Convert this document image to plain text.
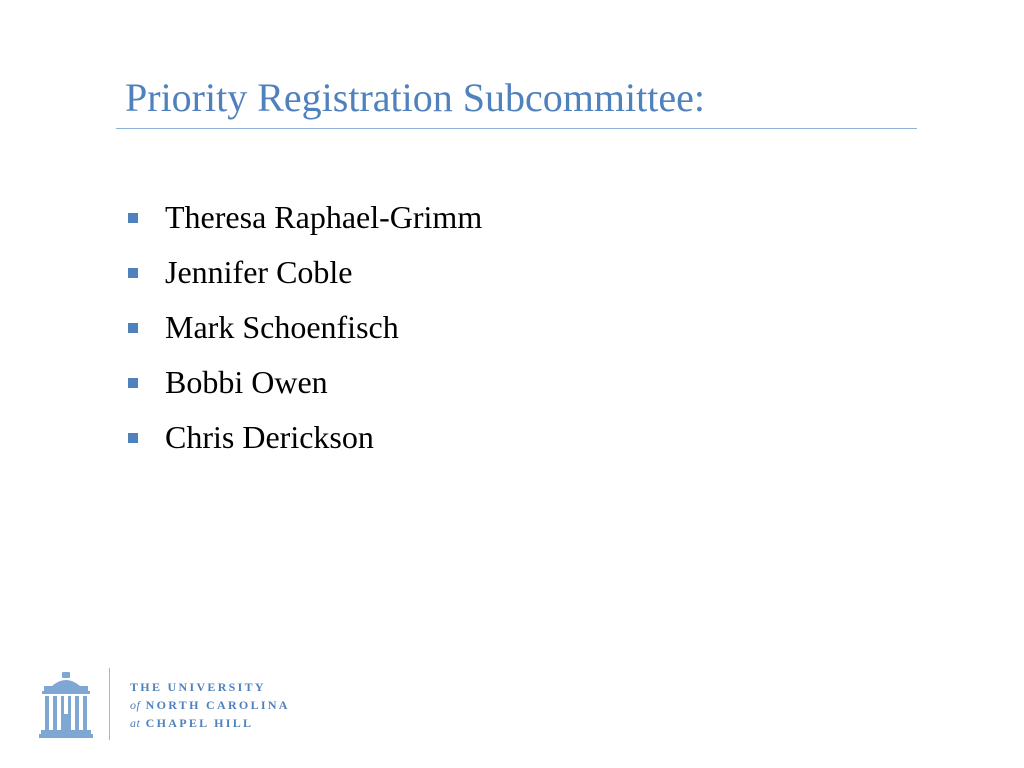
Priority Registration Subcommittee:
Theresa Raphael-Grimm
Jennifer Coble
Mark Schoenfisch
Bobbi Owen
Chris Derickson
THE UNIVERSITY
of NORTH CAROLINA
at CHAPEL HILL
